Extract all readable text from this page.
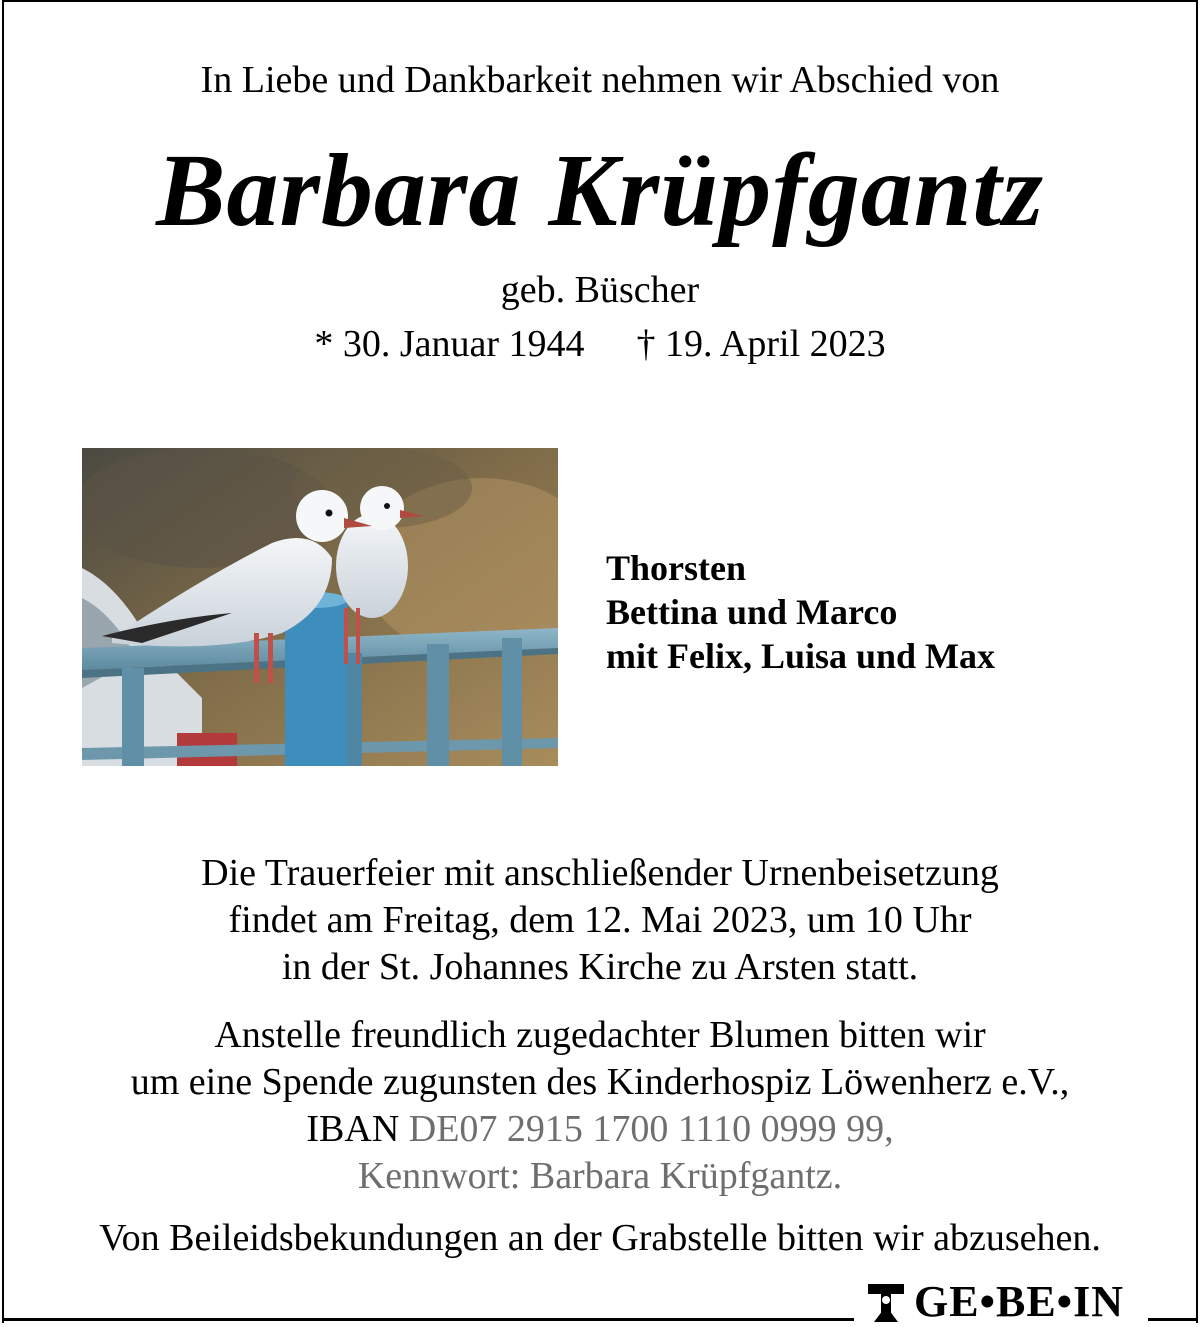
In Liebe und Dankbarkeit nehmen wir Abschied von
Barbara Krüpfgantz
geb. Büscher
* 30. Januar 1944 † 19. April 2023
Thorsten
Bettina und Marco
mit Felix, Luisa und Max
Die Trauerfeier mit anschließender Urnenbeisetzung
findet am Freitag, dem 12. Mai 2023, um 10 Uhr
in der St. Johannes Kirche zu Arsten statt.
Anstelle freundlich zugedachter Blumen bitten wir
um eine Spende zugunsten des Kinderhospiz Löwenherz e.V.,
IBAN DE07 2915 1700 1110 0999 99,
Kennwort: Barbara Krüpfgantz.
Von Beileidsbekundungen an der Grabstelle bitten wir abzusehen.
GE•BE•IN
